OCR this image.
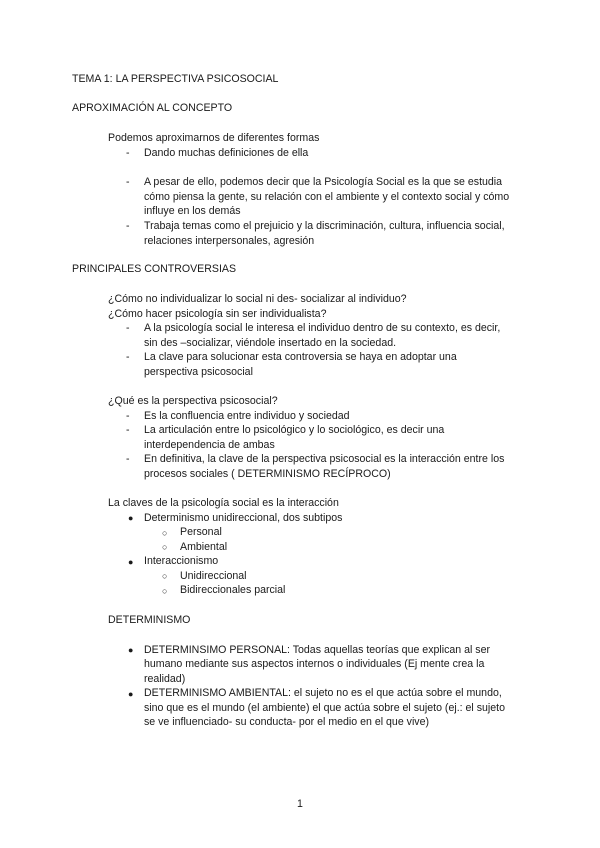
TEMA 1: LA PERSPECTIVA PSICOSOCIAL
APROXIMACIÓN AL CONCEPTO
Podemos aproximarnos de diferentes formas
- Dando muchas definiciones de ella
- A pesar de ello, podemos decir que la Psicología Social es la que se estudia
cómo piensa la gente, su relación con el ambiente y el contexto social y cómo
influye en los demás
- Trabaja temas como el prejuicio y la discriminación, cultura, influencia social,
relaciones interpersonales, agresión
PRINCIPALES CONTROVERSIAS
¿Cómo no individualizar lo social ni des- socializar al individuo?
¿Cómo hacer psicología sin ser individualista?
- A la psicología social le interesa el individuo dentro de su contexto, es decir,
sin des –socializar, viéndole insertado en la sociedad.
- La clave para solucionar esta controversia se haya en adoptar una
perspectiva psicosocial
¿Qué es la perspectiva psicosocial?
- Es la confluencia entre individuo y sociedad
- La articulación entre lo psicológico y lo sociológico, es decir una
interdependencia de ambas
- En definitiva, la clave de la perspectiva psicosocial es la interacción entre los
procesos sociales ( DETERMINISMO RECÍPROCO)
La claves de la psicología social es la interacción
● Determinismo unidireccional, dos subtipos
○ Personal
○ Ambiental
● Interaccionismo
○ Unidireccional
○ Bidireccionales parcial
DETERMINISMO
● DETERMINSIMO PERSONAL: Todas aquellas teorías que explican al ser
humano mediante sus aspectos internos o individuales (Ej mente crea la
realidad)
● DETERMINISMO AMBIENTAL: el sujeto no es el que actúa sobre el mundo,
sino que es el mundo (el ambiente) el que actúa sobre el sujeto (ej.: el sujeto
se ve influenciado- su conducta- por el medio en el que vive)
1
